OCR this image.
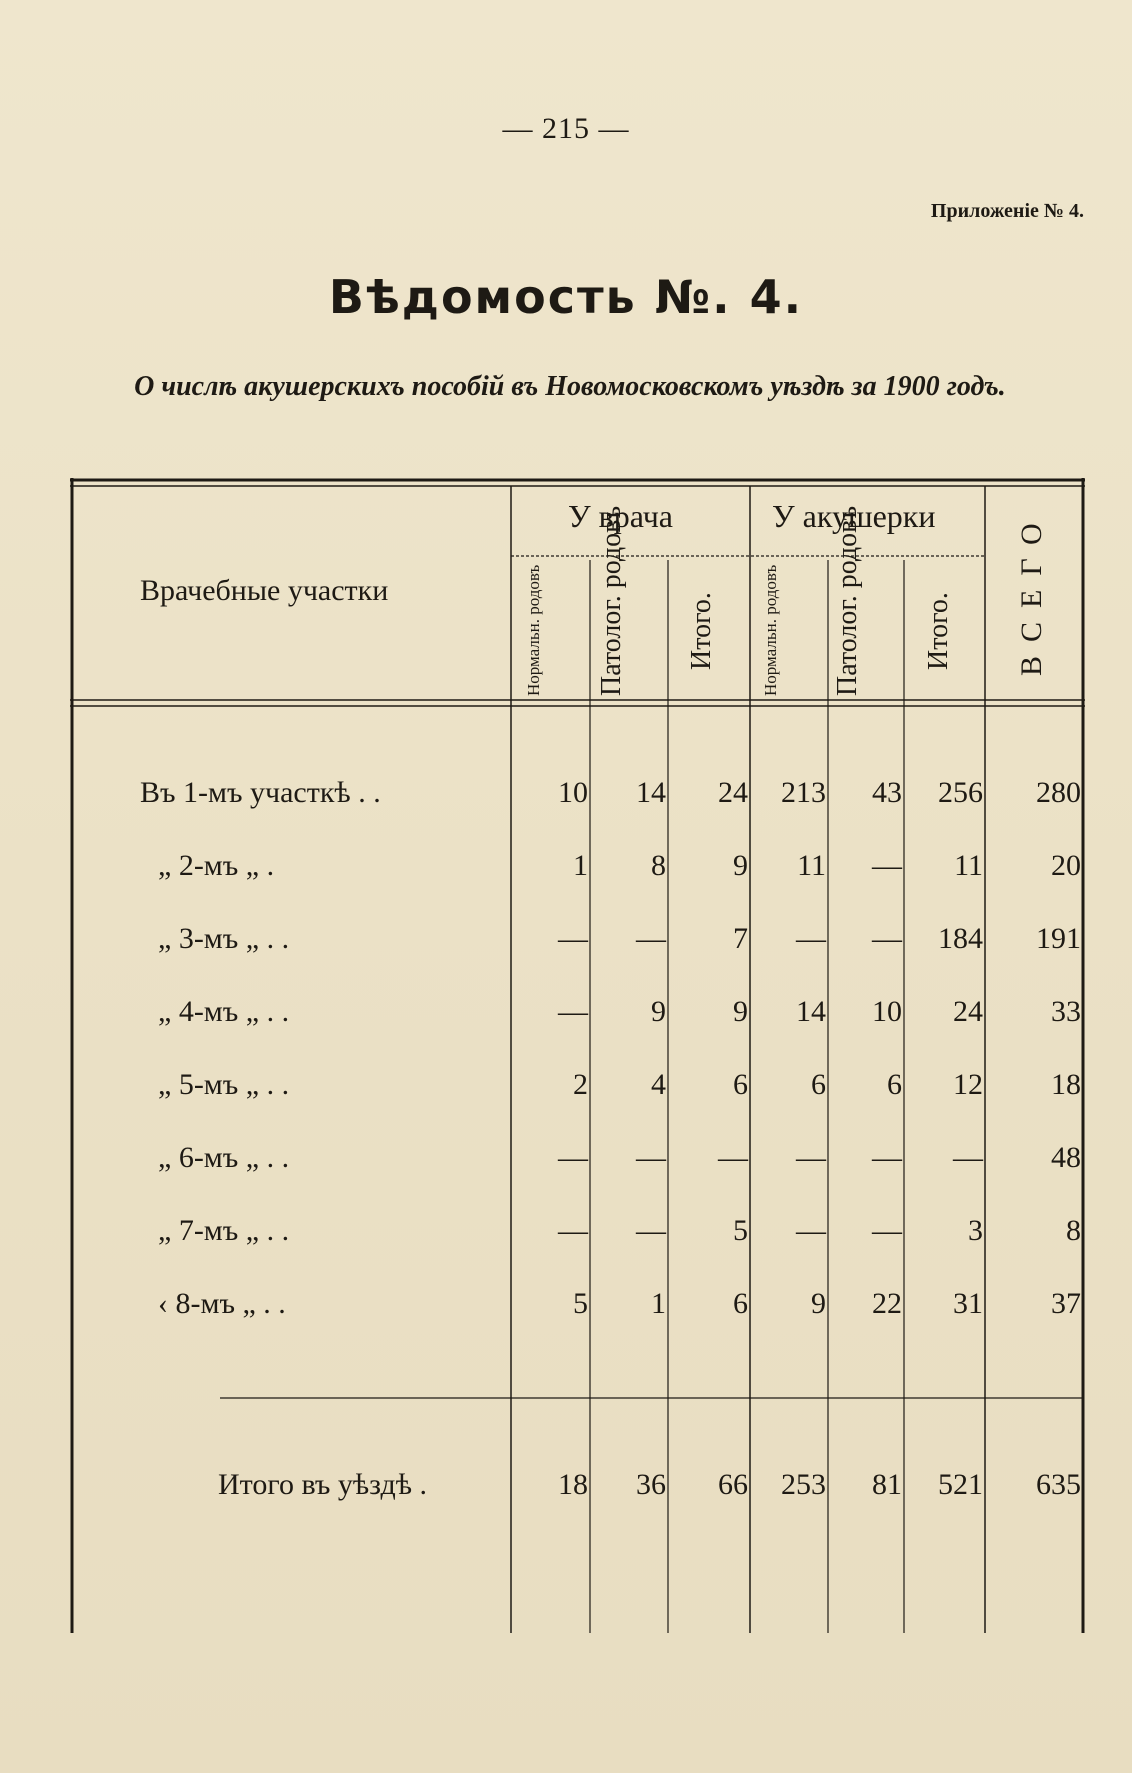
— 215 —
Приложеніе № 4.
Вѣдомость №. 4.
О числѣ акушерскихъ пособій въ Новомосковскомъ уѣздѣ за 1900 годъ.
Врачебные участки
У врача	У акушерки	ВСЕГО
Нормальн. родовъ	Патолог. родовъ	Итого.	Нормальн. родовъ	Патолог. родовъ	Итого.
Въ 1-мъ участкѣ . .	10 14 24 213 43 256 280
„ 2-мъ „ .	1 8 9 11 — 11 20
„ 3-мъ „ . .	— — 7 — — 184 191
„ 4-мъ „ . .	— 9 9 14 10 24 33
„ 5-мъ „ . .	2 4 6 6 6 12 18
„ 6-мъ „ . .	— — — — — — 48
„ 7-мъ „ . .	— — 5 — — 3	8
‹ 8-мъ „ . .	5 1 6 9 22 31 37
Итого въ уѣздѣ .	18 36 66 253 81 521 635
